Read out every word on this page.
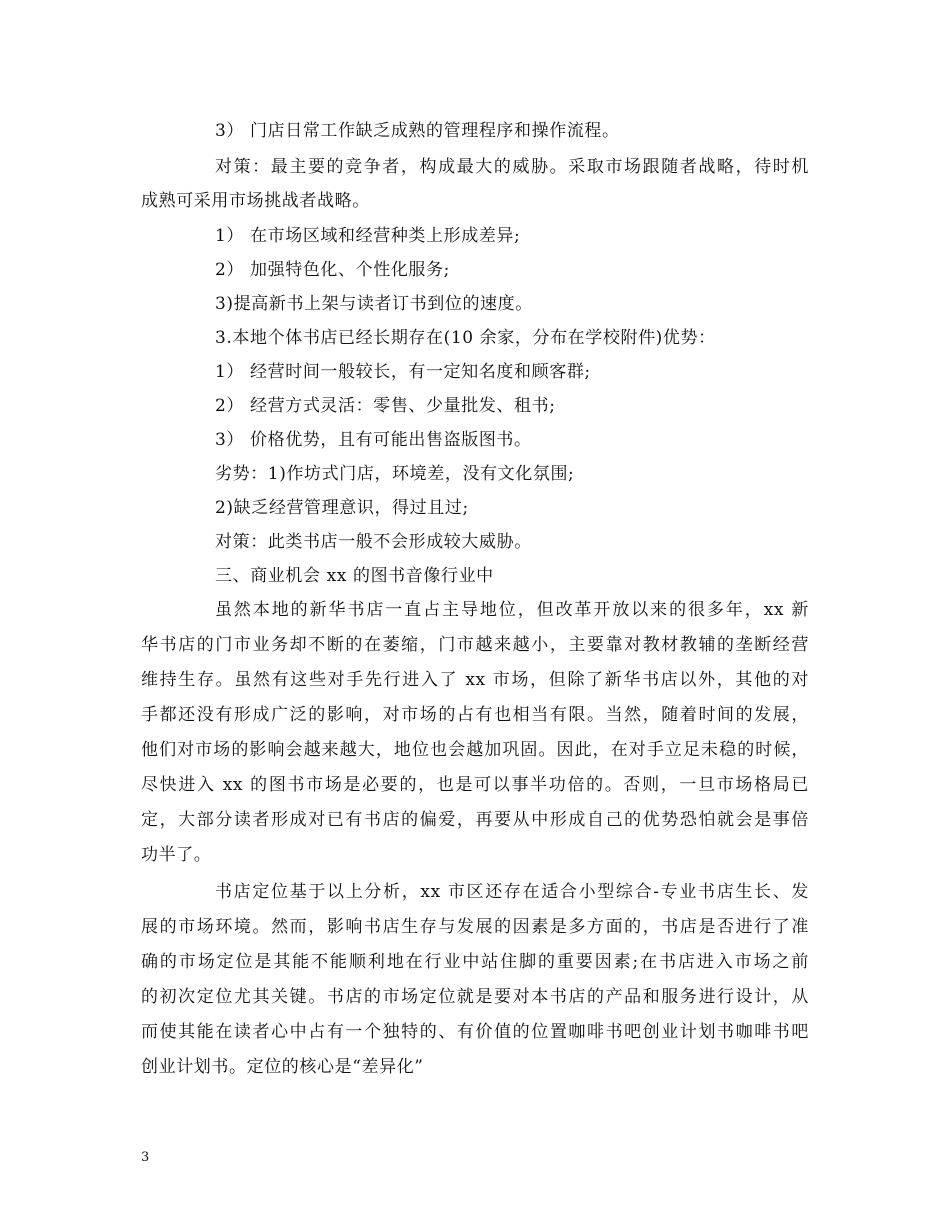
3） 门店日常工作缺乏成熟的管理程序和操作流程。
对策：最主要的竞争者，构成最大的威胁。采取市场跟随者战略，待时机
成熟可采用市场挑战者战略。
1） 在市场区域和经营种类上形成差异;
2） 加强特色化、个性化服务;
3)提高新书上架与读者订书到位的速度。
3.本地个体书店已经长期存在(10 余家，分布在学校附件)优势：
1） 经营时间一般较长，有一定知名度和顾客群;
2） 经营方式灵活：零售、少量批发、租书;
3） 价格优势，且有可能出售盗版图书。
劣势：1)作坊式门店，环境差，没有文化氛围;
2)缺乏经营管理意识，得过且过;
对策：此类书店一般不会形成较大威胁。
三、商业机会 xx 的图书音像行业中
虽然本地的新华书店一直占主导地位，但改革开放以来的很多年，xx 新
华书店的门市业务却不断的在萎缩，门市越来越小，主要靠对教材教辅的垄断经营
维持生存。虽然有这些对手先行进入了 xx 市场，但除了新华书店以外，其他的对
手都还没有形成广泛的影响，对市场的占有也相当有限。当然，随着时间的发展，
他们对市场的影响会越来越大，地位也会越加巩固。因此，在对手立足未稳的时候，
尽快进入 xx 的图书市场是必要的，也是可以事半功倍的。否则，一旦市场格局已
定，大部分读者形成对已有书店的偏爱，再要从中形成自己的优势恐怕就会是事倍
功半了。
书店定位基于以上分析，xx 市区还存在适合小型综合-专业书店生长、发
展的市场环境。然而，影响书店生存与发展的因素是多方面的，书店是否进行了准
确的市场定位是其能不能顺利地在行业中站住脚的重要因素;在书店进入市场之前
的初次定位尤其关键。书店的市场定位就是要对本书店的产品和服务进行设计，从
而使其能在读者心中占有一个独特的、有价值的位置咖啡书吧创业计划书咖啡书吧
创业计划书。定位的核心是“差异化”
3
